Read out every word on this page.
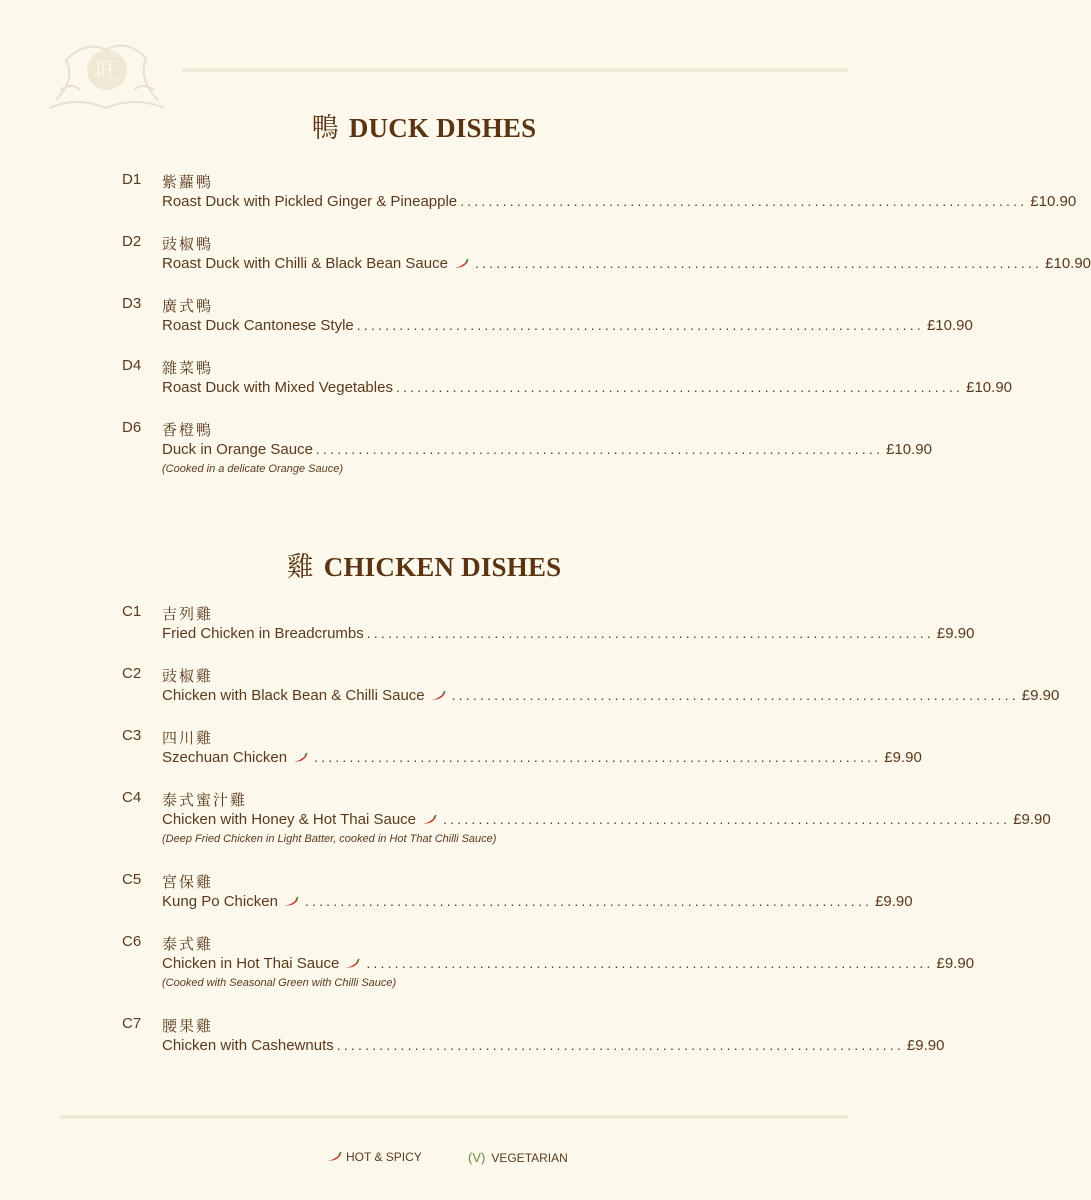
旺
鴨 DUCK DISHES
D1 紫蘿鴨
Roast Duck with Pickled Ginger & Pineapple ................................................................................ £10.90
D2 豉椒鴨
Roast Duck with Chilli & Black Bean Sauce ................................................................................ £10.90
D3 廣式鴨
Roast Duck Cantonese Style ................................................................................ £10.90
D4 雜菜鴨
Roast Duck with Mixed Vegetables ................................................................................ £10.90
D6 香橙鴨
Duck in Orange Sauce ................................................................................ £10.90
(Cooked in a delicate Orange Sauce)
雞 CHICKEN DISHES
C1 吉列雞
Fried Chicken in Breadcrumbs ................................................................................ £9.90
C2 豉椒雞
Chicken with Black Bean & Chilli Sauce ................................................................................ £9.90
C3 四川雞
Szechuan Chicken ................................................................................ £9.90
C4 泰式蜜汁雞
Chicken with Honey & Hot Thai Sauce ................................................................................ £9.90
(Deep Fried Chicken in Light Batter, cooked in Hot That Chilli Sauce)
C5 宮保雞
Kung Po Chicken ................................................................................ £9.90
C6 泰式雞
Chicken in Hot Thai Sauce ................................................................................ £9.90
(Cooked with Seasonal Green with Chilli Sauce)
C7 腰果雞
Chicken with Cashewnuts ................................................................................ £9.90
HOT & SPICY	(V) VEGETARIAN
